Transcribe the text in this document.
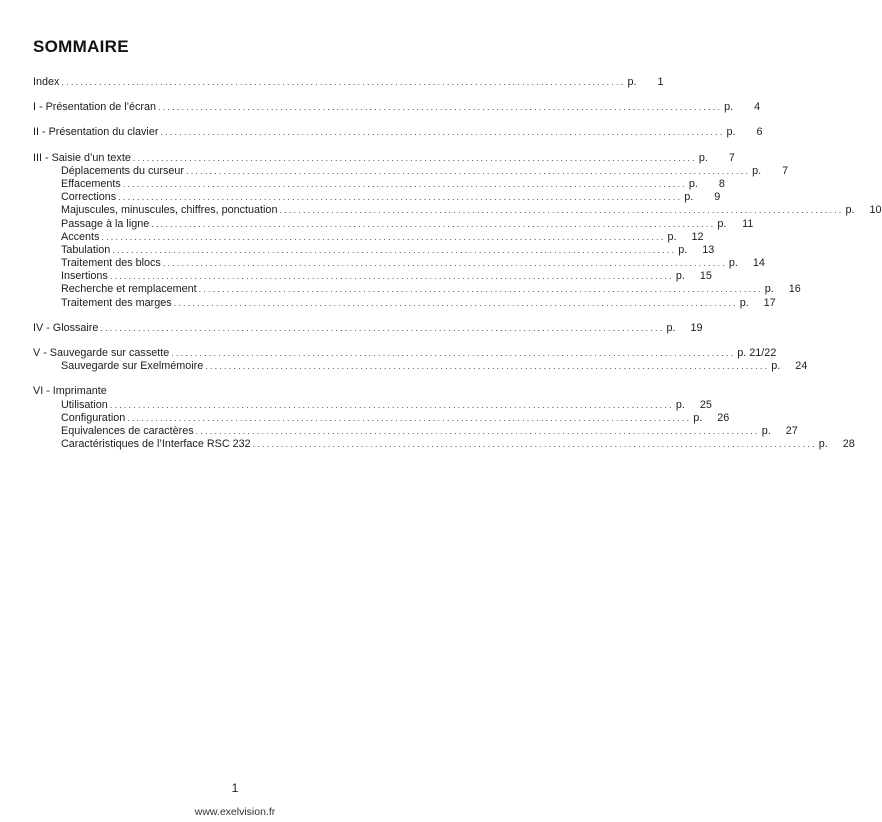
SOMMAIRE
Index ........................................................................................................................ p.	1
I - Présentation de l’écran ........................................................................................................................ p.	4
II - Présentation du clavier ........................................................................................................................ p.	6
III - Saisie d’un texte ........................................................................................................................ p.	7
Déplacements du curseur ........................................................................................................................ p.	7
Effacements ........................................................................................................................ p.	8
Corrections ........................................................................................................................ p.	9
Majuscules, minuscules, chiffres, ponctuation ........................................................................................................................ p.	10
Passage à la ligne ........................................................................................................................ p.	11
Accents ........................................................................................................................ p.	12
Tabulation ........................................................................................................................ p.	13
Traitement des blocs ........................................................................................................................ p.	14
Insertions ........................................................................................................................ p.	15
Recherche et remplacement ........................................................................................................................ p.	16
Traitement des marges ........................................................................................................................ p.	17
IV - Glossaire ........................................................................................................................ p.	19
V - Sauvegarde sur cassette ........................................................................................................................ p. 21/22
Sauvegarde sur Exelmémoire ........................................................................................................................ p.	24
VI - Imprimante
Utilisation ........................................................................................................................ p.	25
Configuration ........................................................................................................................ p.	26
Equivalences de caractères ........................................................................................................................ p.	27
Caractéristiques de l’Interface RSC 232 ........................................................................................................................ p.	28
1
www.exelvision.fr
